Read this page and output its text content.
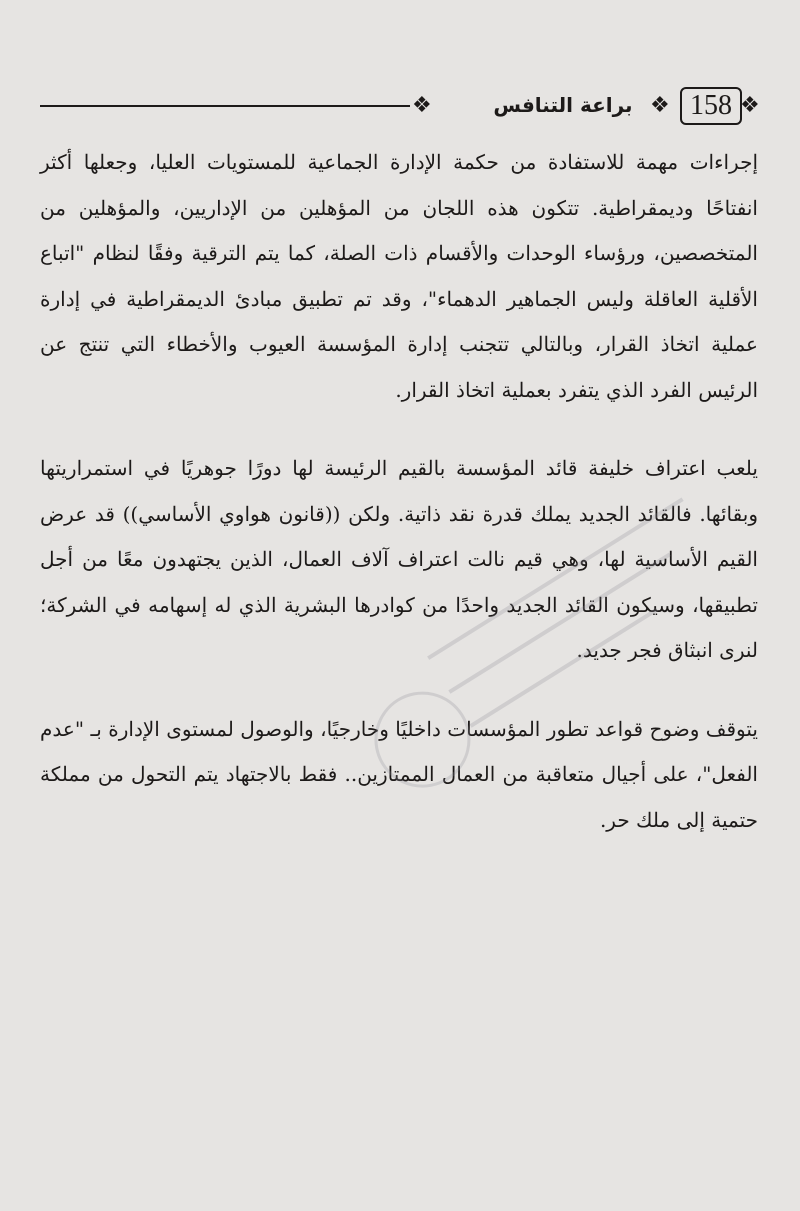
❖	براعة التنافس ❖ 158 ❖

إجراءات مهمة للاستفادة من حكمة الإدارة الجماعية للمستويات العليا، وجعلها أكثر انفتاحًا وديمقراطية. تتكون هذه اللجان من المؤهلين من الإداريين، والمؤهلين من المتخصصين، ورؤساء الوحدات والأقسام ذات الصلة، كما يتم الترقية وفقًا لنظام "اتباع الأقلية العاقلة وليس الجماهير الدهماء"، وقد تم تطبيق مبادئ الديمقراطية في إدارة عملية اتخاذ القرار، وبالتالي تتجنب إدارة المؤسسة العيوب والأخطاء التي تنتج عن الرئيس الفرد الذي يتفرد بعملية اتخاذ القرار.

يلعب اعتراف خليفة قائد المؤسسة بالقيم الرئيسة لها دورًا جوهريًا في استمراريتها وبقائها. فالقائد الجديد يملك قدرة نقد ذاتية. ولكن ((قانون هواوي الأساسي)) قد عرض القيم الأساسية لها، وهي قيم نالت اعتراف آلاف العمال، الذين يجتهدون معًا من أجل تطبيقها، وسيكون القائد الجديد واحدًا من كوادرها البشرية الذي له إسهامه في الشركة؛ لنرى انبثاق فجر جديد.

يتوقف وضوح قواعد تطور المؤسسات داخليًا وخارجيًا، والوصول لمستوى الإدارة بـ "عدم الفعل"، على أجيال متعاقبة من العمال الممتازين.. فقط بالاجتهاد يتم التحول من مملكة حتمية إلى ملك حر.
